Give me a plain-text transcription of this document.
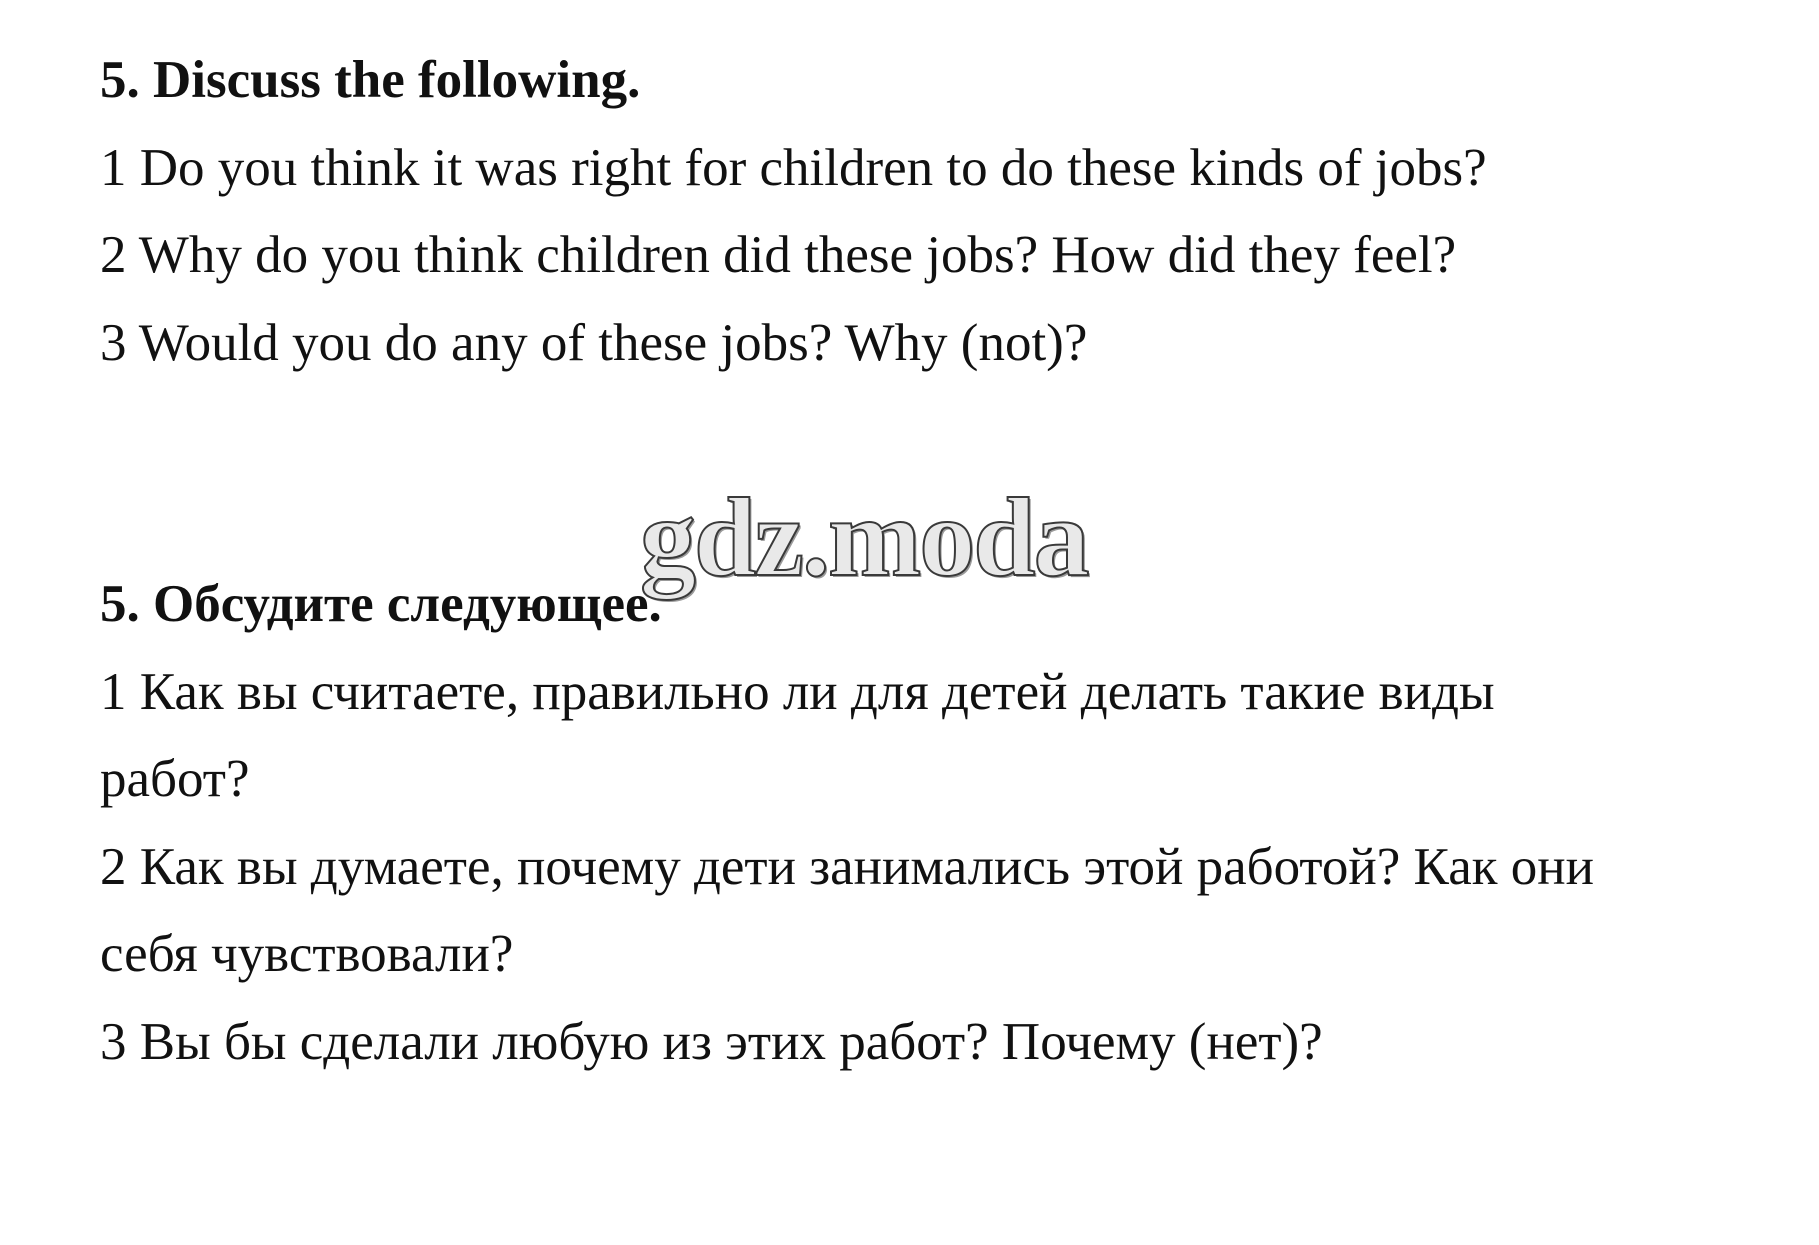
5. Discuss the following.
1 Do you think it was right for children to do these kinds of jobs?
2 Why do you think children did these jobs? How did they feel?
3 Would you do any of these jobs? Why (not)?
gdz.moda
5. Обсудите следующее.
1 Как вы считаете, правильно ли для детей делать такие виды
работ?
2 Как вы думаете, почему дети занимались этой работой? Как они
себя чувствовали?
3 Вы бы сделали любую из этих работ? Почему (нет)?
